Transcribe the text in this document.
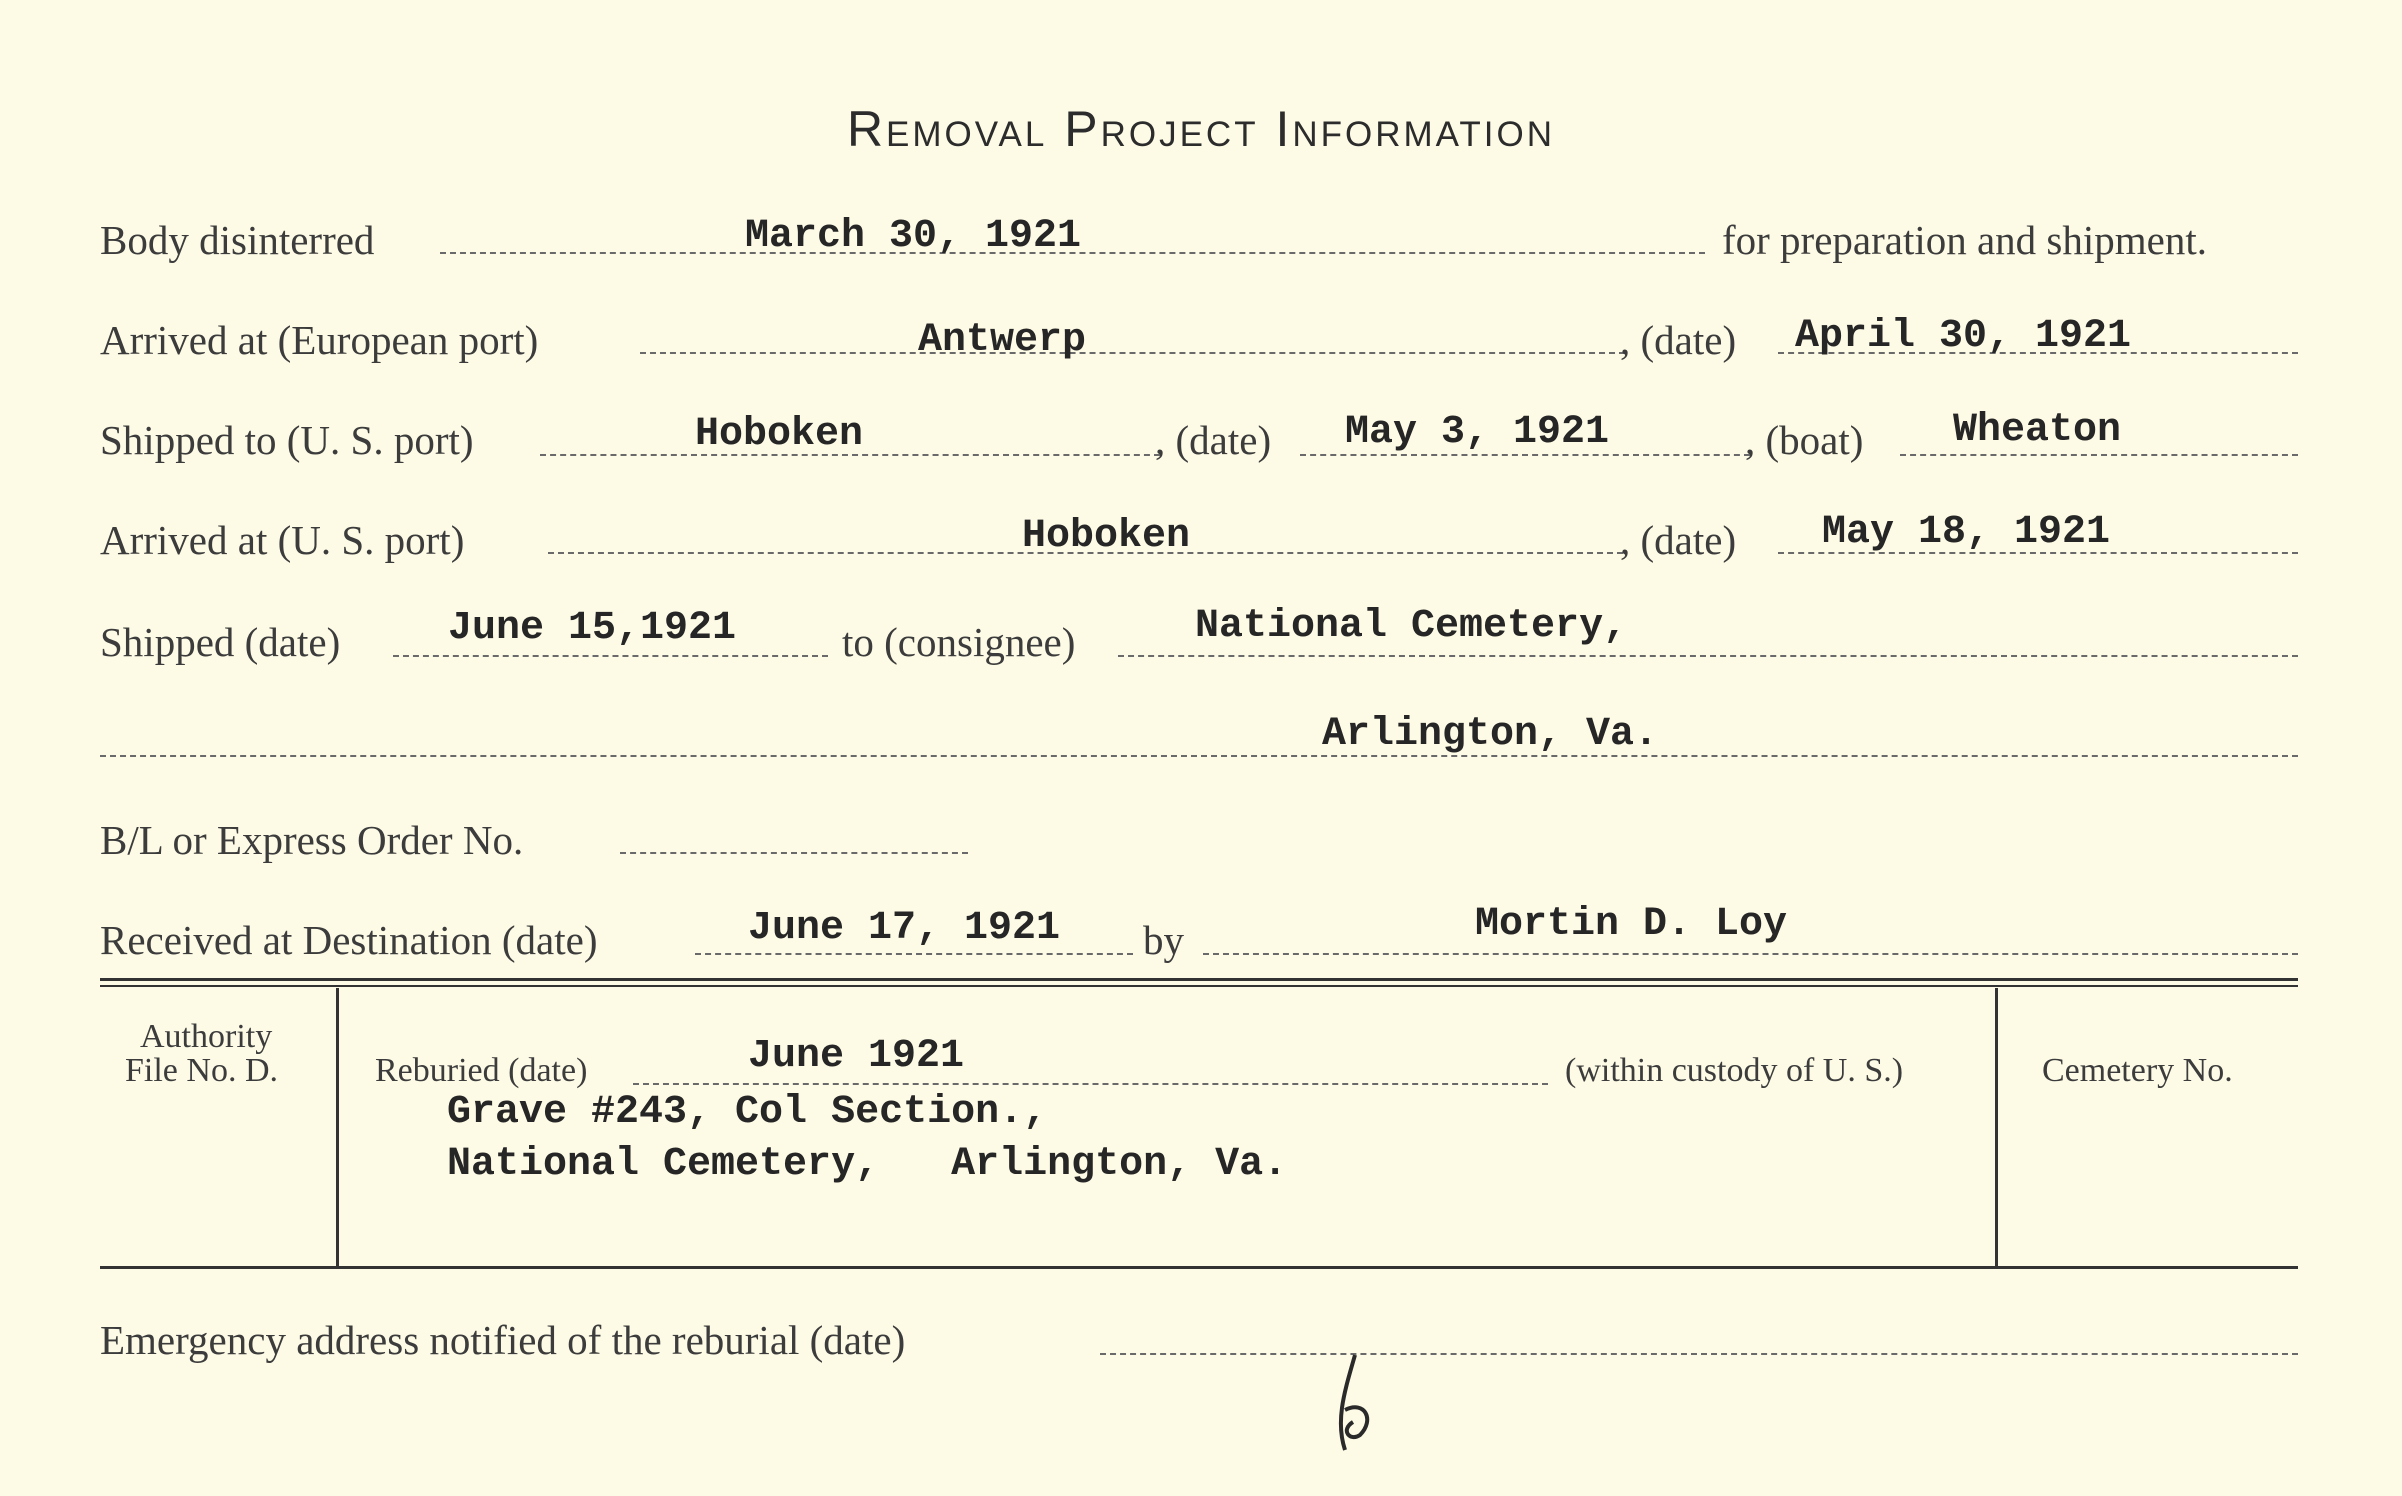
Removal Project Information
Body disinterred	March 30, 1921	for preparation and shipment.
Arrived at (European port)	Antwerp	, (date) April 30, 1921
Shipped to (U. S. port)	Hoboken	, (date) May 3, 1921	, (boat) Wheaton
Arrived at (U. S. port)	Hoboken	, (date) May 18, 1921
Shipped (date)	June 15,1921	to (consignee)	National Cemetery,
Arlington, Va.
B/L or Express Order No.
Received at Destination (date)	June 17, 1921 by	Mortin D. Loy
Authority
File No. D.	Reburied (date)	June 1921	(within custody of U. S.)	Cemetery No.
Grave #243, Col Section.,
National Cemetery,   Arlington, Va.
Emergency address notified of the reburial (date)
